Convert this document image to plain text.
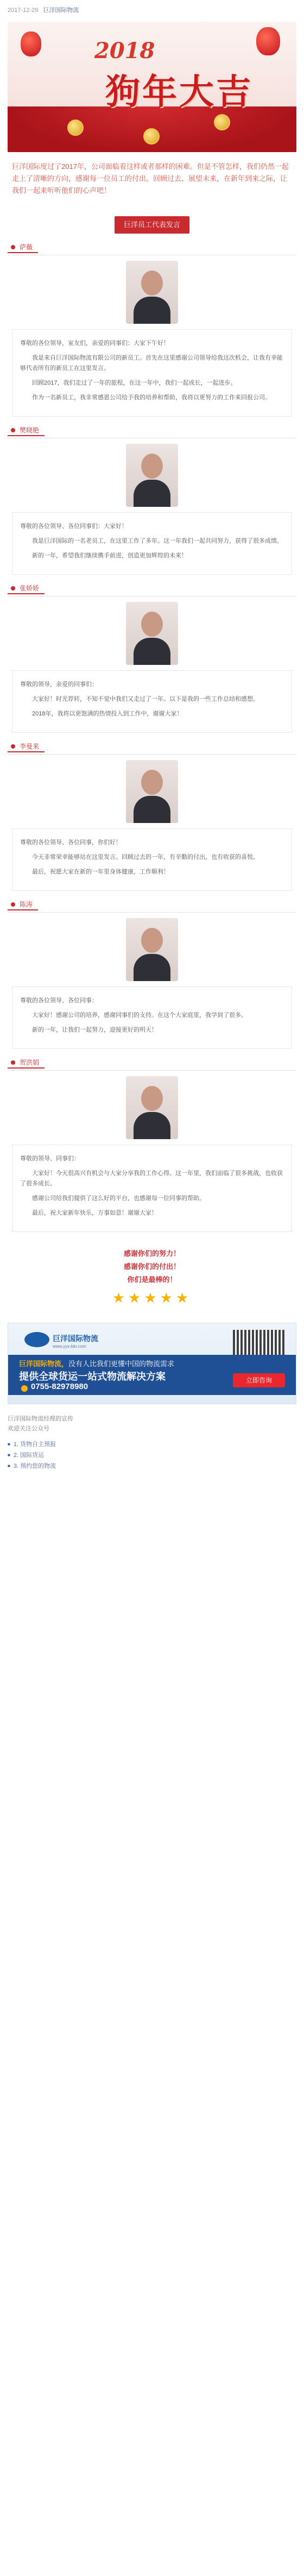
2017-12-29 巨洋国际物流
2018
狗年大吉

巨洋国际度过了2017年，公司面临着这样或者那样的困难。但是不管怎样，我们仍然一起走上了清晰的方向，感谢每一位员工的付出。回顾过去，展望未来，在新年到来之际，让我们一起来听听他们的心声吧！

巨洋员工代表发言
萨薇

尊敬的各位领导，室友们，亲爱的同事们：大家下午好！

我是来自巨洋国际物流有限公司的新员工。首先在这里感谢公司领导给我这次机会，让我有幸能够代表所有的新员工在这里发言。

回顾2017，我们走过了一年的旅程，在这一年中，我们一起成长，一起进步。

作为一名新员工，我非常感恩公司给予我的培养和帮助，我将以更努力的工作来回报公司。

樊晓艳

尊敬的各位领导、各位同事们：大家好！

我是巨洋国际的一名老员工，在这里工作了多年。这一年我们一起共同努力，获得了很多成绩。

新的一年，希望我们继续携手前进，创造更加辉煌的未来！

张娇娇

尊敬的领导，亲爱的同事们：

大家好！时光荐转，不知不觉中我们又走过了一年。以下是我的一些工作总结和感想。

2018年，我将以更饱满的热情投入到工作中，谢谢大家！

李曼来

尊敬的各位领导、各位同事，你们好！

今天非常荣幸能够站在这里发言。回顾过去的一年，有辛勤的付出，也有收获的喜悦。

最后，祝愿大家在新的一年里身体健康，工作顺利！

陈涛

尊敬的各位领导、各位同事：

大家好！感谢公司的培养，感谢同事们的支持。在这个大家庭里，我学到了很多。

新的一年，让我们一起努力，迎接更好的明天！

贺洪娟

尊敬的领导、同事们：

大家好！今天很高兴有机会与大家分享我的工作心得。这一年里，我们面临了很多挑战，也收获了很多成长。

感谢公司给我们提供了这么好的平台，也感谢每一位同事的帮助。

最后，祝大家新年快乐，万事如意！谢谢大家！

感谢你们的努力！
感谢你们的付出！
你们是最棒的！
★★★★★
巨洋国际物流
www.yyx-bkr.com
巨洋国际物流，没有人比我们更懂中国的物流需求
提供全球货运一站式物流解决方案
0755-82978980
立即咨询
巨洋国际物流经理的宣传
欢迎关注公众号
■ 1. 货物自主预报
■ 2. 国际货运
■ 3. 预约您的物流
